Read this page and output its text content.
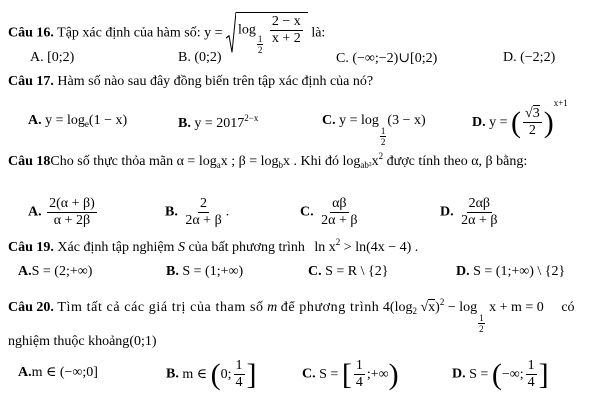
Câu 16. Tập xác định của hàm số: y = log
$\frac{1}{2}$
$\frac{2 - x}{x + 2}$ là:
A. [0;2)	B. (0;2)	C. (−∞;−2)∪[0;2)	D. (−2;2)
Câu 17. Hàm số nào sau đây đồng biến trên tập xác định của nó?
A. $y = \log_e(1 - x)$	B. $y = 2017^{2-x}$	C. y = log
$\frac{1}{2}$
(3 − x)	D. y = ( $\frac{√3}{2} )^{x+1}$
Câu 18Cho số thực thỏa mãn $\alpha = \log_ax$ ; $\beta = \log_bx$ . Khi đó $\log_{ab^2}x^2$ được tính theo α, β bằng:
A. $\frac{2(\alpha + \beta)}{\alpha + 2\beta}$	B. $\frac{2}{2\alpha + \beta}$ .	C. $\frac{\alpha\beta}{2\alpha + \beta}$	D. $\frac{2\alpha\beta}{2\alpha + \beta}$
Câu 19. Xác định tập nghiệm S của bất phương trình $\ln x^2 > \ln(4x - 4)$ .
A.S = (2;+∞)	B. S = (1;+∞)	C. S = R \ {2}	D. S = (1;+∞) \ {2}
Câu 20. Tìm tất cả các giá trị của tham số m để phương trình $4(\log_2$ √x)$^2$ − log
$\frac{1}{2}$
x + m = 0 có
nghiệm thuộc khoảng(0;1)
A.m ∈ (−∞;0]	B. m ∈ (0; $\frac{1}{4}$ ]	C. S = [ $\frac{1}{4}$ ;+∞)	D. S = (−∞; $\frac{1}{4}$ ]
